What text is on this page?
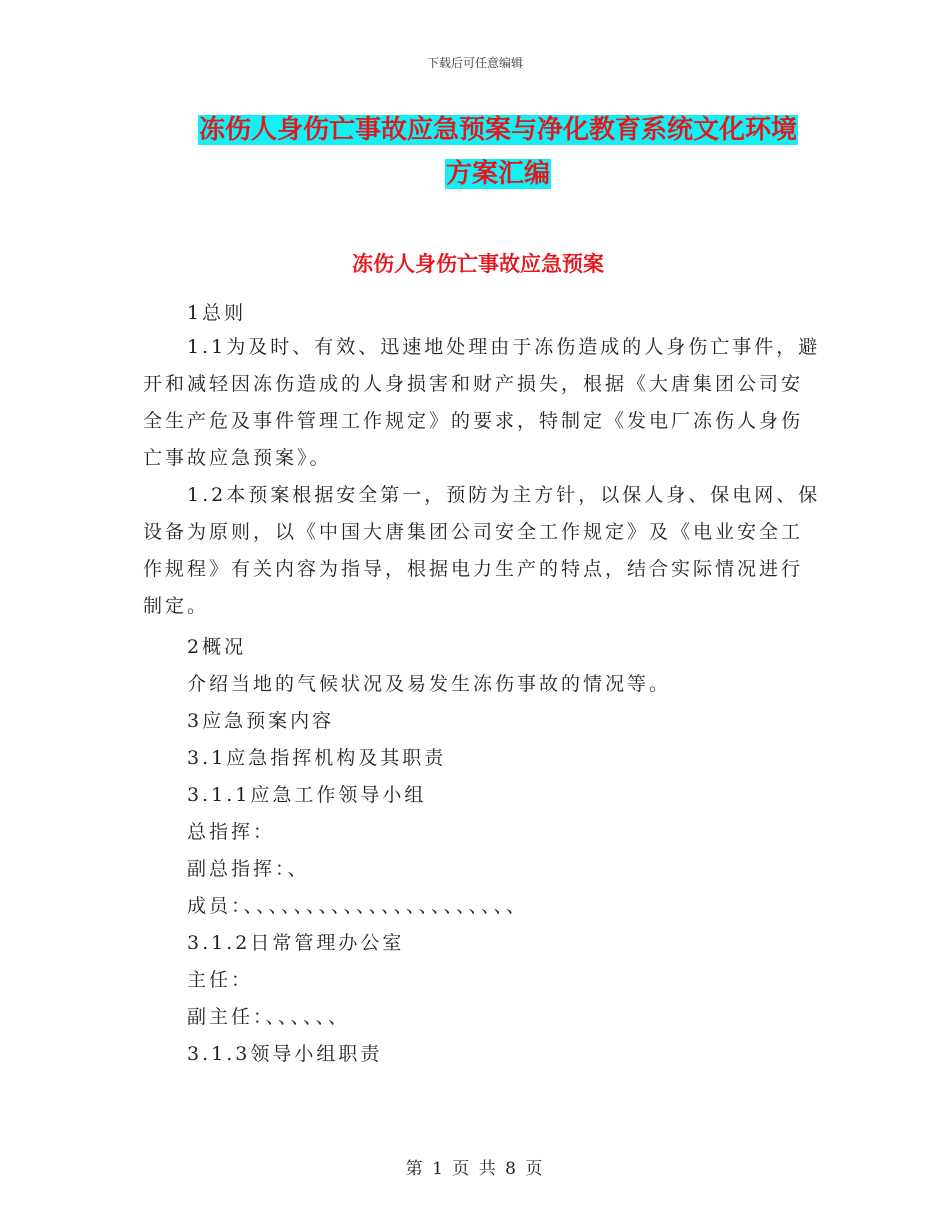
下载后可任意编辑
冻伤人身伤亡事故应急预案与净化教育系统文化环境
方案汇编
冻伤人身伤亡事故应急预案
1总则
1.1为及时、有效、迅速地处理由于冻伤造成的人身伤亡事件，避开和减轻因冻伤造成的人身损害和财产损失，根据《大唐集团公司安全生产危及事件管理工作规定》的要求，特制定《发电厂冻伤人身伤亡事故应急预案》。
1.2本预案根据安全第一，预防为主方针，以保人身、保电网、保设备为原则，以《中国大唐集团公司安全工作规定》及《电业安全工作规程》有关内容为指导，根据电力生产的特点，结合实际情况进行制定。
2概况
介绍当地的气候状况及易发生冻伤事故的情况等。
3应急预案内容
3.1应急指挥机构及其职责
3.1.1应急工作领导小组
总指挥：
副总指挥：、
成员：、、、、、、、、、、、、、、、、、、、、、、
3.1.2日常管理办公室
主任：
副主任：、、、、、、
3.1.3领导小组职责
第 1 页 共 8 页
